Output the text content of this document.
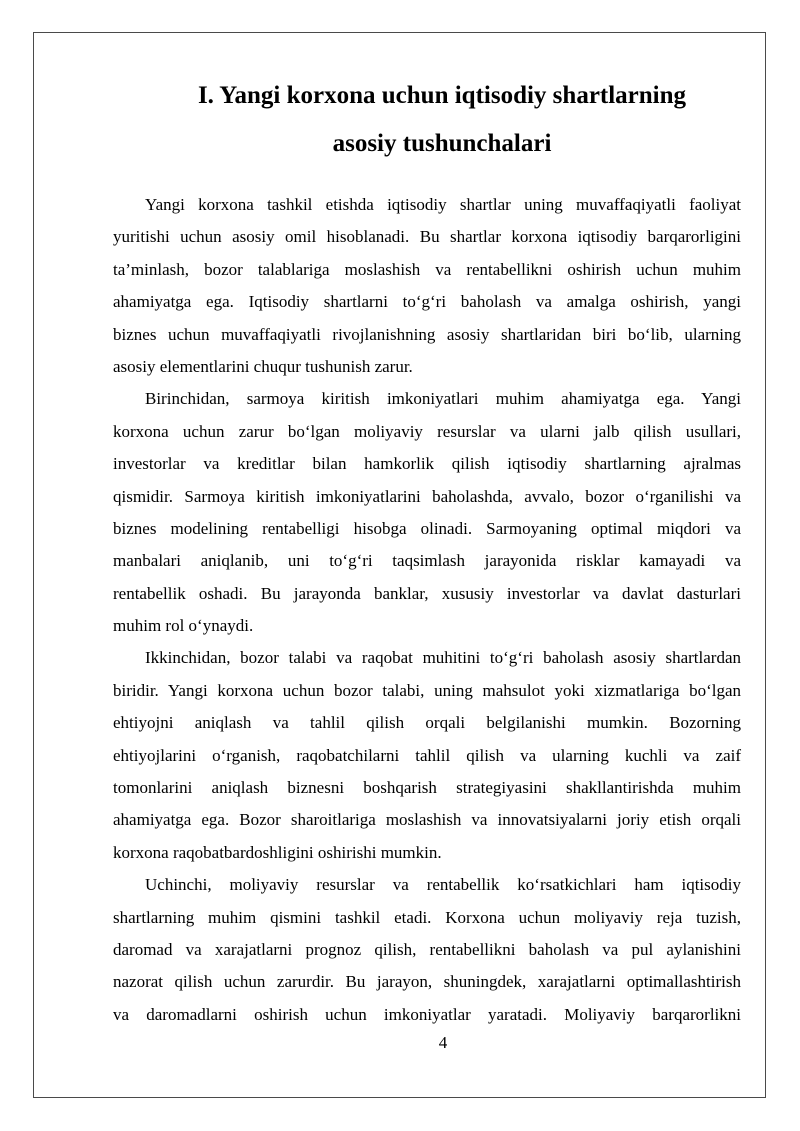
I. Yangi korxona uchun iqtisodiy shartlarning
asosiy tushunchalari
Yangi korxona tashkil etishda iqtisodiy shartlar uning muvaffaqiyatli faoliyat
yuritishi uchun asosiy omil hisoblanadi. Bu shartlar korxona iqtisodiy barqarorligini
ta’minlash, bozor talablariga moslashish va rentabellikni oshirish uchun muhim
ahamiyatga ega. Iqtisodiy shartlarni to‘g‘ri baholash va amalga oshirish, yangi
biznes uchun muvaffaqiyatli rivojlanishning asosiy shartlaridan biri bo‘lib, ularning
asosiy elementlarini chuqur tushunish zarur.
Birinchidan, sarmoya kiritish imkoniyatlari muhim ahamiyatga ega. Yangi
korxona uchun zarur bo‘lgan moliyaviy resurslar va ularni jalb qilish usullari,
investorlar va kreditlar bilan hamkorlik qilish iqtisodiy shartlarning ajralmas
qismidir. Sarmoya kiritish imkoniyatlarini baholashda, avvalo, bozor o‘rganilishi va
biznes modelining rentabelligi hisobga olinadi. Sarmoyaning optimal miqdori va
manbalari aniqlanib, uni to‘g‘ri taqsimlash jarayonida risklar kamayadi va
rentabellik oshadi. Bu jarayonda banklar, xususiy investorlar va davlat dasturlari
muhim rol o‘ynaydi.
Ikkinchidan, bozor talabi va raqobat muhitini to‘g‘ri baholash asosiy shartlardan
biridir. Yangi korxona uchun bozor talabi, uning mahsulot yoki xizmatlariga bo‘lgan
ehtiyojni aniqlash va tahlil qilish orqali belgilanishi mumkin. Bozorning
ehtiyojlarini o‘rganish, raqobatchilarni tahlil qilish va ularning kuchli va zaif
tomonlarini aniqlash biznesni boshqarish strategiyasini shakllantirishda muhim
ahamiyatga ega. Bozor sharoitlariga moslashish va innovatsiyalarni joriy etish orqali
korxona raqobatbardoshligini oshirishi mumkin.
Uchinchi, moliyaviy resurslar va rentabellik ko‘rsatkichlari ham iqtisodiy
shartlarning muhim qismini tashkil etadi. Korxona uchun moliyaviy reja tuzish,
daromad va xarajatlarni prognoz qilish, rentabellikni baholash va pul aylanishini
nazorat qilish uchun zarurdir. Bu jarayon, shuningdek, xarajatlarni optimallashtirish
va daromadlarni oshirish uchun imkoniyatlar yaratadi. Moliyaviy barqarorlikni
4
